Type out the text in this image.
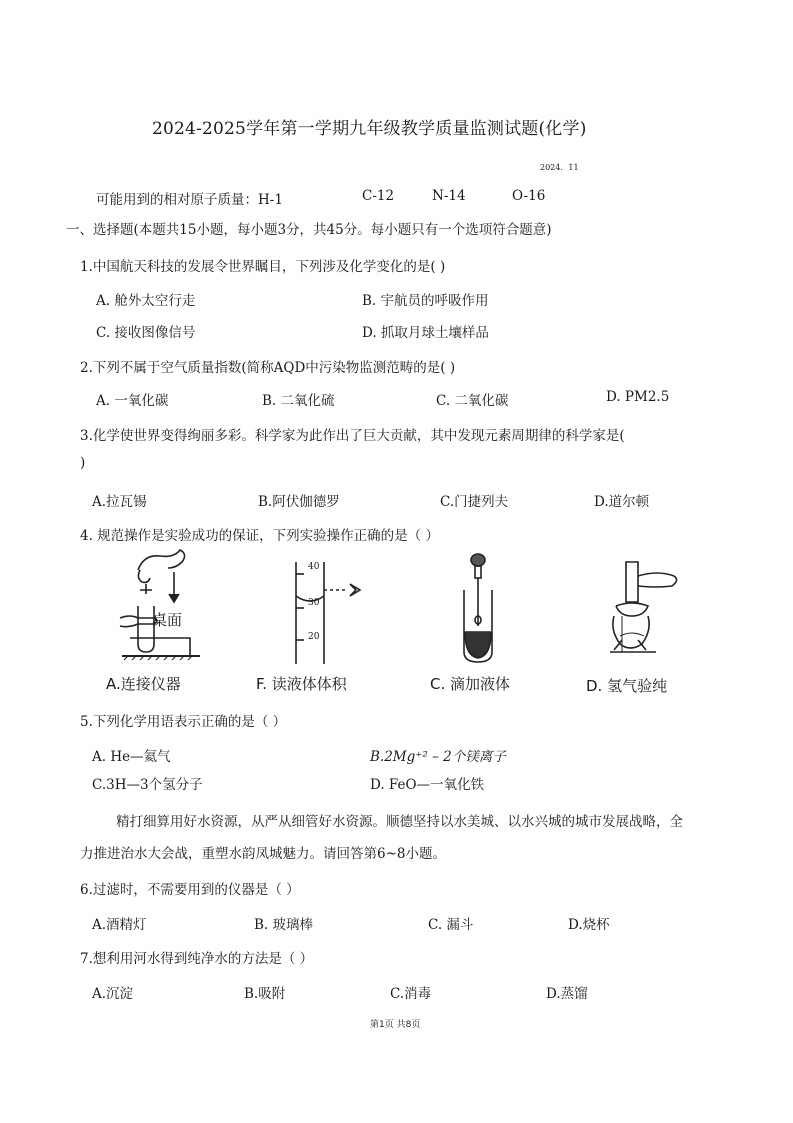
2024-2025学年第一学期九年级教学质量监测试题(化学)
2024．11
可能用到的相对原子质量：H-1	C-12	N-14	O-16
一、选择题(本题共15小题，每小题3分，共45分。每小题只有一个选项符合题意)
1.中国航天科技的发展令世界瞩目，下列涉及化学变化的是( )
A. 舱外太空行走	B. 宇航员的呼吸作用
C. 接收图像信号	D. 抓取月球土壤样品
2.下列不属于空气质量指数(简称AQD中污染物监测范畴的是( )
A. 一氧化碳	B. 二氧化硫	C. 二氧化碳	D. PM2.5
3.化学使世界变得绚丽多彩。科学家为此作出了巨大贡献，其中发现元素周期律的科学家是(
)
A.拉瓦锡	B.阿伏伽德罗	C.门捷列夫	D.道尔顿
4. 规范操作是实验成功的保证，下列实验操作正确的是（ ）
桌面
A.连接仪器
40
30
20
F. 读液体体积	C. 滴加液体	D. 氢气验纯
5.下列化学用语表示正确的是（ ）
A. He—氦气	B.2Mg⁺² – 2个镁离子
C.3H—3个氢分子	D. FeO—一氧化铁
精打细算用好水资源，从严从细管好水资源。顺德坚持以水美城、以水兴城的城市发展战略，全
力推进治水大会战，重塑水韵凤城魅力。请回答第6~8小题。
6.过滤时，不需要用到的仪器是（ ）
A.酒精灯	B. 玻璃棒	C. 漏斗	D.烧杯
7.想利用河水得到纯净水的方法是（ ）
A.沉淀	B.吸附	C.消毒	D.蒸馏
第1页 共8页
